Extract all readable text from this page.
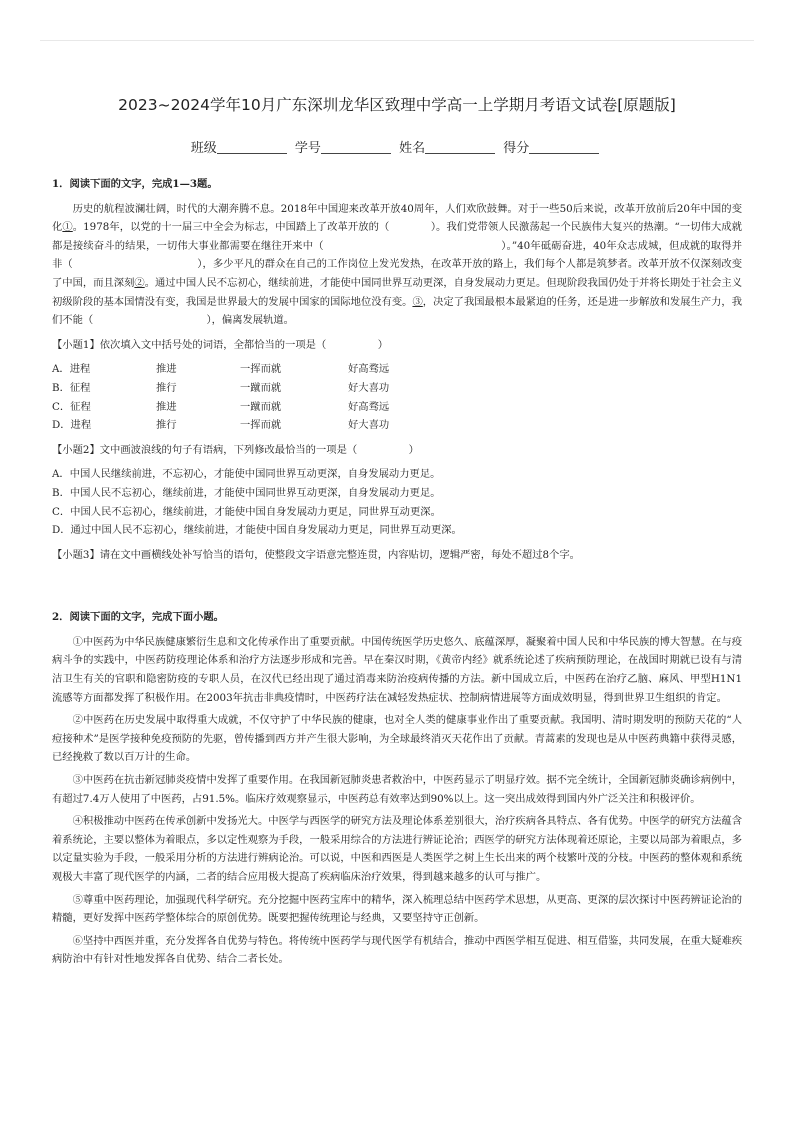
2023~2024学年10月广东深圳龙华区致理中学高一上学期月考语文试卷[原题版]
班级	学号	姓名	得分
1．阅读下面的文字，完成1—3题。

历史的航程波澜壮阔，时代的大潮奔腾不息。2018年中国迎来改革开放40周年，人们欢欣鼓舞。对于一些50后来说，改革开放前后20年中国的变化①。1978年，以党的十一届三中全会为标志，中国踏上了改革开放的（　　　　）。我们党带领人民激荡起一个民族伟大复兴的热潮。“一切伟大成就都是接续奋斗的结果，一切伟大事业都需要在继往开来中（　　　　　　　　　　　　　　　　　）。”40年砥砺奋进，40年众志成城，但成就的取得并非（　　　　　　　　　　　　），多少平凡的群众在自己的工作岗位上发光发热，在改革开放的路上，我们每个人都是筑梦者。改革开放不仅深刻改变了中国，而且深刻②。通过中国人民不忘初心，继续前进，才能使中国同世界互动更深，自身发展动力更足。但现阶段我国仍处于并将长期处于社会主义初级阶段的基本国情没有变，我国是世界最大的发展中国家的国际地位没有变。③，决定了我国最根本最紧迫的任务，还是进一步解放和发展生产力，我们不能（　　　　　　　　　　　），偏离发展轨道。

【小题1】依次填入文中括号处的词语，全都恰当的一项是（　　　　　）
A．进程	推进	一挥而就	好高骛远
B．征程	推行	一蹴而就	好大喜功
C．征程	推进	一蹴而就	好高骛远
D．进程	推行	一挥而就	好大喜功
【小题2】文中画波浪线的句子有语病，下列修改最恰当的一项是（　　　　　）

A．中国人民继续前进，不忘初心，才能使中国同世界互动更深，自身发展动力更足。

B．中国人民不忘初心，继续前进，才能使中国同世界互动更深，自身发展动力更足。

C．中国人民不忘初心，继续前进，才能使中国自身发展动力更足，同世界互动更深。

D．通过中国人民不忘初心，继续前进，才能使中国自身发展动力更足，同世界互动更深。

【小题3】请在文中画横线处补写恰当的语句，使整段文字语意完整连贯，内容贴切，逻辑严密，每处不超过8个字。
2．阅读下面的文字，完成下面小题。

①中医药为中华民族健康繁衍生息和文化传承作出了重要贡献。中国传统医学历史悠久、底蕴深厚，凝聚着中国人民和中华民族的博大智慧。在与疫病斗争的实践中，中医药防疫理论体系和治疗方法逐步形成和完善。早在秦汉时期，《黄帝内经》就系统论述了疾病预防理论，在战国时期就已设有与清洁卫生有关的官职和隐密防疫的专职人员，在汉代已经出现了通过消毒来防治疫病传播的方法。新中国成立后，中医药在治疗乙脑、麻风、甲型H1N1流感等方面都发挥了积极作用。在2003年抗击非典疫情时，中医药疗法在减轻发热症状、控制病情进展等方面成效明显，得到世界卫生组织的肯定。

②中医药在历史发展中取得重大成就，不仅守护了中华民族的健康，也对全人类的健康事业作出了重要贡献。我国明、清时期发明的预防天花的“人痘接种术”是医学接种免疫预防的先驱，曾传播到西方并产生很大影响，为全球最终消灭天花作出了贡献。青蒿素的发现也是从中医药典籍中获得灵感，已经挽救了数以百万计的生命。

③中医药在抗击新冠肺炎疫情中发挥了重要作用。在我国新冠肺炎患者救治中，中医药显示了明显疗效。据不完全统计，全国新冠肺炎确诊病例中，有超过7.4万人使用了中医药，占91.5%。临床疗效观察显示，中医药总有效率达到90%以上。这一突出成效得到国内外广泛关注和积极评价。

④积极推动中医药在传承创新中发扬光大。中医学与西医学的研究方法及理论体系差别很大，治疗疾病各具特点、各有优势。中医学的研究方法蕴含着系统论，主要以整体为着眼点，多以定性观察为手段，一般采用综合的方法进行辨证论治；西医学的研究方法体现着还原论，主要以局部为着眼点，多以定量实验为手段，一般采用分析的方法进行辨病论治。可以说，中医和西医是人类医学之树上生长出来的两个枝繁叶茂的分枝。中医药的整体观和系统观极大丰富了现代医学的内涵，二者的结合应用极大提高了疾病临床治疗效果，得到越来越多的认可与推广。

⑤尊重中医药理论，加强现代科学研究。充分挖掘中医药宝库中的精华，深入梳理总结中医药学术思想，从更高、更深的层次探讨中医药辨证论治的精髓，更好发挥中医药学整体综合的原创优势。既要把握传统理论与经典，又要坚持守正创新。

⑥坚持中西医并重，充分发挥各自优势与特色。将传统中医药学与现代医学有机结合，推动中西医学相互促进、相互借鉴，共同发展，在重大疑难疾病防治中有针对性地发挥各自优势、结合二者长处。
